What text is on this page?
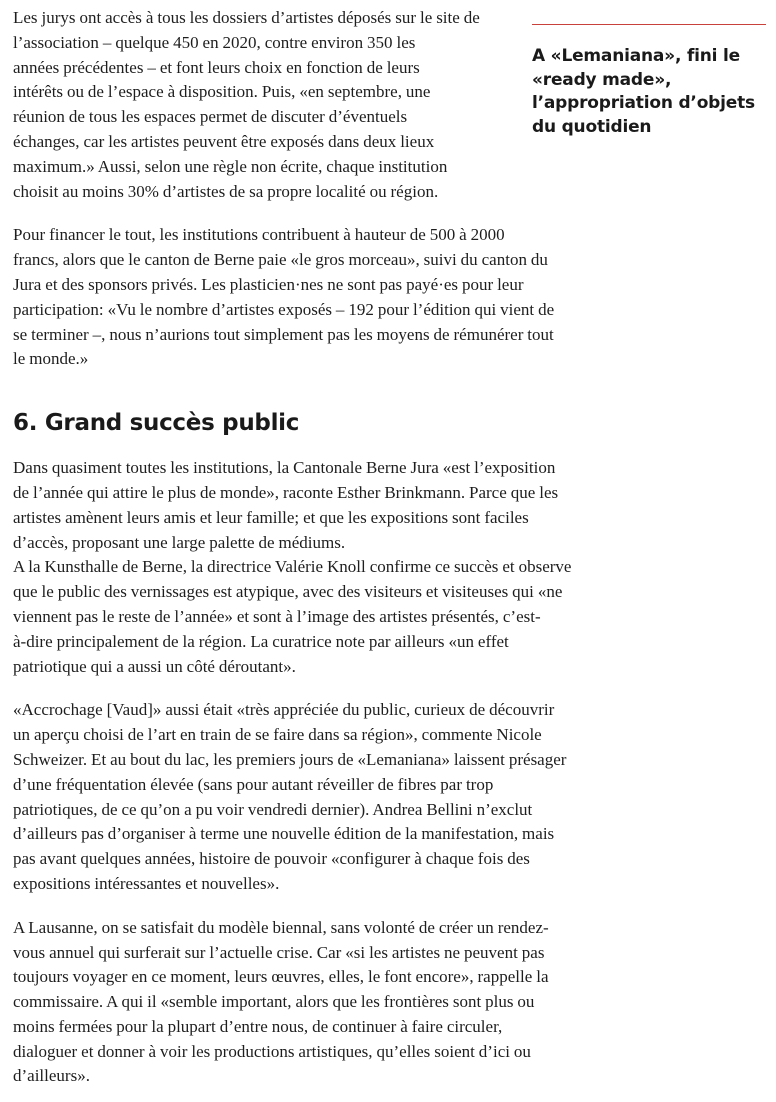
Les jurys ont accès à tous les dossiers d’artistes déposés sur le site de
l’association – quelque 450 en 2020, contre environ 350 les
années précédentes – et font leurs choix en fonction de leurs
intérêts ou de l’espace à disposition. Puis, «en septembre, une
réunion de tous les espaces permet de discuter d’éventuels
échanges, car les artistes peuvent être exposés dans deux lieux
maximum.» Aussi, selon une règle non écrite, chaque institution
choisit au moins 30% d’artistes de sa propre localité ou région.

Pour financer le tout, les institutions contribuent à hauteur de 500 à 2000
francs, alors que le canton de Berne paie «le gros morceau», suivi du canton du
Jura et des sponsors privés. Les plasticien·nes ne sont pas payé·es pour leur
participation: «Vu le nombre d’artistes exposés – 192 pour l’édition qui vient de
se terminer –, nous n’aurions tout simplement pas les moyens de rémunérer tout
le monde.»

6. Grand succès public

Dans quasiment toutes les institutions, la Cantonale Berne Jura «est l’exposition
de l’année qui attire le plus de monde», raconte Esther Brinkmann. Parce que les
artistes amènent leurs amis et leur famille; et que les expositions sont faciles
d’accès, proposant une large palette de médiums.
A la Kunsthalle de Berne, la directrice Valérie Knoll confirme ce succès et observe
que le public des vernissages est atypique, avec des visiteurs et visiteuses qui «ne
viennent pas le reste de l’année» et sont à l’image des artistes présentés, c’est-
à-dire principalement de la région. La curatrice note par ailleurs «un effet
patriotique qui a aussi un côté déroutant».

«Accrochage [Vaud]» aussi était «très appréciée du public, curieux de découvrir
un aperçu choisi de l’art en train de se faire dans sa région», commente Nicole
Schweizer. Et au bout du lac, les premiers jours de «Lemaniana» laissent présager
d’une fréquentation élevée (sans pour autant réveiller de fibres par trop
patriotiques, de ce qu’on a pu voir vendredi dernier). Andrea Bellini n’exclut
d’ailleurs pas d’organiser à terme une nouvelle édition de la manifestation, mais
pas avant quelques années, histoire de pouvoir «configurer à chaque fois des
expositions intéressantes et nouvelles».

A Lausanne, on se satisfait du modèle biennal, sans volonté de créer un rendez-
vous annuel qui surferait sur l’actuelle crise. Car «si les artistes ne peuvent pas
toujours voyager en ce moment, leurs œuvres, elles, le font encore», rappelle la
commissaire. A qui il «semble important, alors que les frontières sont plus ou
moins fermées pour la plupart d’entre nous, de continuer à faire circuler,
dialoguer et donner à voir les productions artistiques, qu’elles soient d’ici ou
d’ailleurs».

A «Lemaniana», fini le
«ready made»,
l’appropriation d’objets
du quotidien
